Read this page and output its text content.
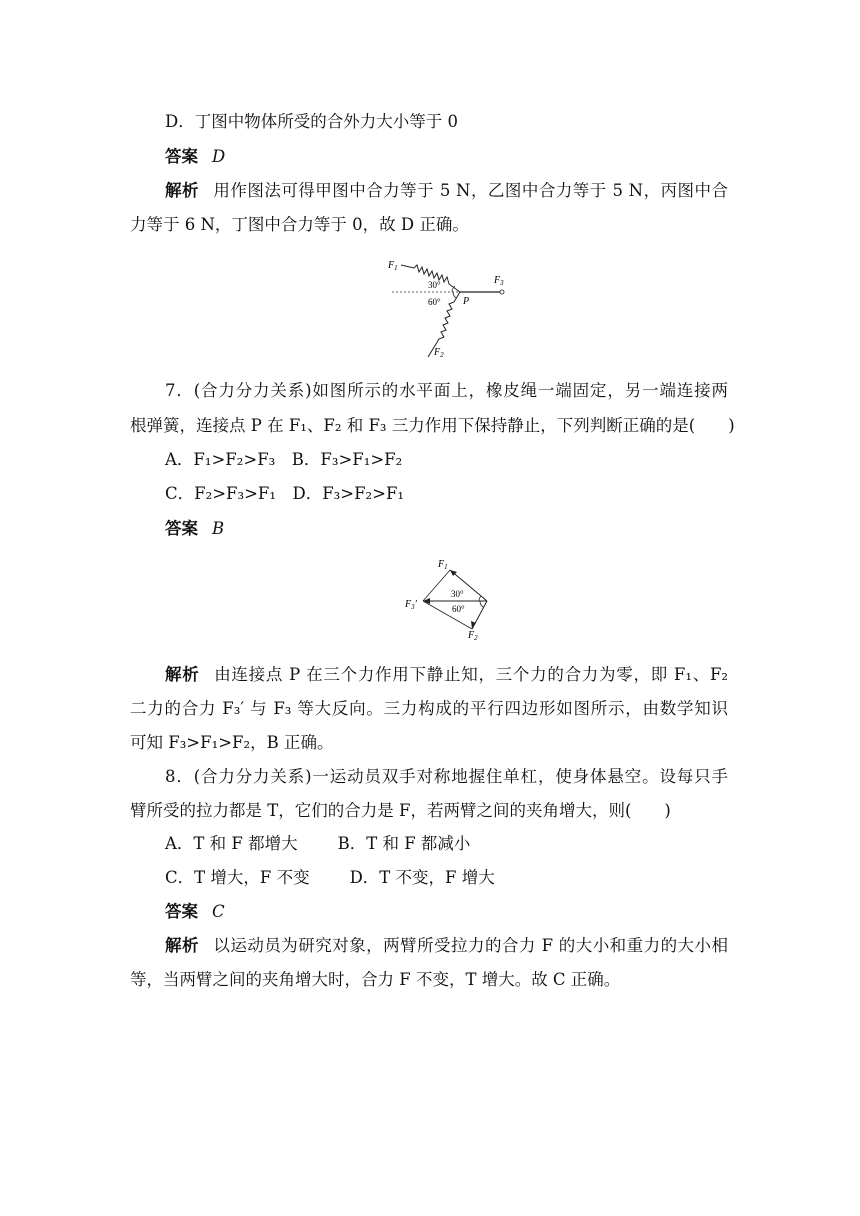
D．丁图中物体所受的合外力大小等于 0
答案 D
解析 用作图法可得甲图中合力等于 5 N，乙图中合力等于 5 N，丙图中合
力等于 6 N，丁图中合力等于 0，故 D 正确。
$F_1$
$F_3$
$F_2$
30°
60° P
7．(合力分力关系)如图所示的水平面上，橡皮绳一端固定，另一端连接两
根弹簧，连接点 P 在 F₁、F₂ 和 F₃ 三力作用下保持静止，下列判断正确的是(　　)
A．F₁>F₂>F₃　B．F₃>F₁>F₂
C．F₂>F₃>F₁　D．F₃>F₂>F₁
答案 B
$F_1$
$F_2$
$F_3'$
30°
60°
解析 由连接点 P 在三个力作用下静止知，三个力的合力为零，即 F₁、F₂
二力的合力 F₃′ 与 F₃ 等大反向。三力构成的平行四边形如图所示，由数学知识
可知 F₃>F₁>F₂，B 正确。
8．(合力分力关系)一运动员双手对称地握住单杠，使身体悬空。设每只手
臂所受的拉力都是 T，它们的合力是 F，若两臂之间的夹角增大，则(　　)
A．T 和 F 都增大 B．T 和 F 都减小
C．T 增大，F 不变 D．T 不变，F 增大
答案 C
解析 以运动员为研究对象，两臂所受拉力的合力 F 的大小和重力的大小相
等，当两臂之间的夹角增大时，合力 F 不变，T 增大。故 C 正确。
